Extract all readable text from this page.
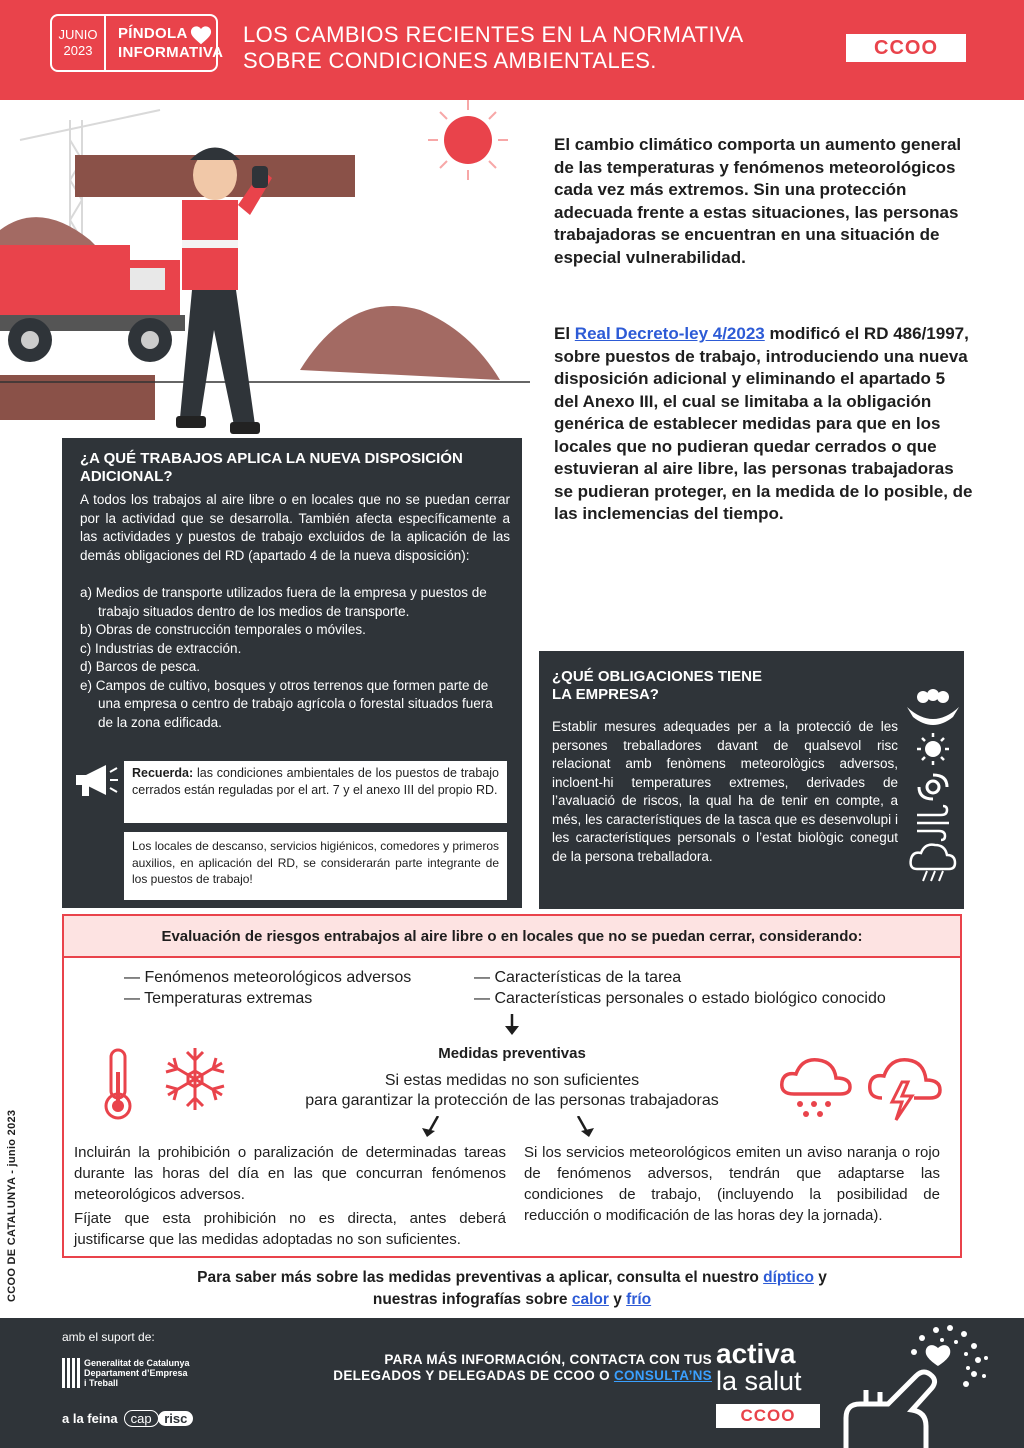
JUNIO
2023
PÍNDOLA
INFORMATIVA
LOS CAMBIOS RECIENTES EN LA NORMATIVA
SOBRE CONDICIONES AMBIENTALES.	CCOO
El cambio climático comporta un aumento general de las temperaturas y fenómenos meteorológicos cada vez más extremos. Sin una protección adecuada frente a estas situaciones, las personas trabajadoras se encuentran en una situación de especial vulnerabilidad.
El Real Decreto-ley 4/2023 modificó el RD 486/1997, sobre puestos de trabajo, introduciendo una nueva disposición adicional y eliminando el apartado 5 del Anexo III, el cual se limitaba a la obligación genérica de establecer medidas para que en los locales que no pudieran quedar cerrados o que estuvieran al aire libre, las personas trabajadoras se pudieran proteger, en la medida de lo posible, de las inclemencias del tiempo.
¿A QUÉ TRABAJOS APLICA LA NUEVA DISPOSICIÓN ADICIONAL?
A todos los trabajos al aire libre o en locales que no se puedan cerrar por la actividad que se desarrolla. También afecta específicamente a las actividades y puestos de trabajo excluidos de la aplicación de las demás obligaciones del RD (apartado 4 de la nueva disposición):
a) Medios de transporte utilizados fuera de la empresa y puestos de trabajo situados dentro de los medios de transporte.
b) Obras de construcción temporales o móviles.
c) Industrias de extracción.
d) Barcos de pesca.
e) Campos de cultivo, bosques y otros terrenos que formen parte de una empresa o centro de trabajo agrícola o forestal situados fuera de la zona edificada.
Recuerda: las condiciones ambientales de los puestos de trabajo cerrados están reguladas por el art. 7 y el anexo III del propio RD.
Los locales de descanso, servicios higiénicos, comedores y primeros auxilios, en aplicación del RD, se considerarán parte integrante de los puestos de trabajo!
¿QUÉ OBLIGACIONES TIENE
LA EMPRESA?
Establir mesures adequades per a la protecció de les persones treballadores davant de qualsevol risc relacionat amb fenòmens meteorològics adversos, incloent-hi temperatures extremes, derivades de l’avaluació de riscos, la qual ha de tenir en compte, a més, les característiques de la tasca que es desenvolupi i les característiques personals o l’estat biològic conegut de la persona treballadora.
Evaluación de riesgos entrabajos al aire libre o en locales que no se puedan cerrar, considerando:
— Fenómenos meteorológicos adversos
— Temperaturas extremas
— Características de la tarea
— Características personales o estado biológico conocido
Medidas preventivas
Si estas medidas no son suficientes
para garantizar la protección de las personas trabajadoras
Incluirán la prohibición o paralización de determinadas tareas durante las horas del día en las que concurran fenómenos meteorológicos adversos.
Fíjate que esta prohibición no es directa, antes deberá justificarse que las medidas adoptadas no son suficientes.
Si los servicios meteorológicos emiten un aviso naranja o rojo de fenómenos adversos, tendrán que adaptarse las condiciones de trabajo, (incluyendo la posibilidad de reducción o modificación de las horas dey la jornada).
Para saber más sobre las medidas preventivas a aplicar, consulta el nuestro díptico y
nuestras infografías sobre calor y frío
CCOO DE CATALUNYA - junio 2023
amb el suport de:
Generalitat de Catalunya
Departament d’Empresa
i Treball
a la feina cap risc
PARA MÁS INFORMACIÓN, CONTACTA CON TUS
DELEGADOS Y DELEGADAS DE CCOO O CONSULTA’NS
activa
la salut
CCOO
